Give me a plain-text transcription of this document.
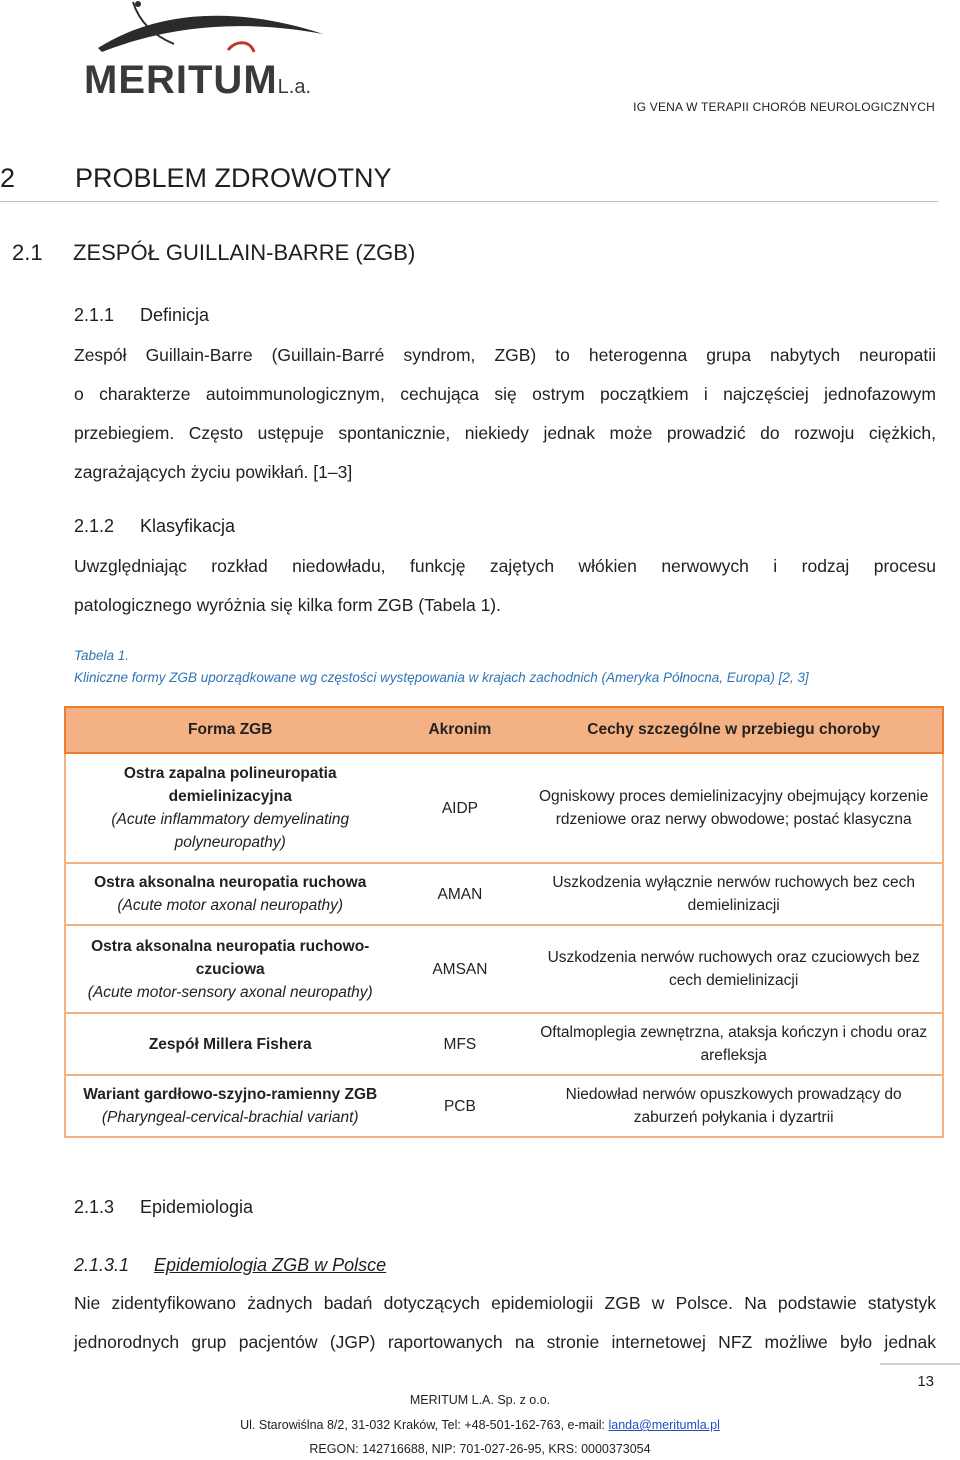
MERITUML.a.
IG VENA W TERAPII CHORÓB NEUROLOGICZNYCH
2 PROBLEM ZDROWOTNY
2.1 ZESPÓŁ GUILLAIN-BARRE (ZGB)
2.1.1 Definicja
Zespół Guillain-Barre (Guillain-Barré syndrom, ZGB) to heterogenna grupa nabytych neuropatii
o charakterze autoimmunologicznym, cechująca się ostrym początkiem i najczęściej jednofazowym
przebiegiem. Często ustępuje spontanicznie, niekiedy jednak może prowadzić do rozwoju ciężkich,
zagrażających życiu powikłań. [1–3]
2.1.2 Klasyfikacja
Uwzględniając rozkład niedowładu, funkcję zajętych włókien nerwowych i rodzaj procesu
patologicznego wyróżnia się kilka form ZGB (Tabela 1).
Tabela 1.
Kliniczne formy ZGB uporządkowane wg częstości występowania w krajach zachodnich (Ameryka Północna, Europa) [2, 3]
Forma ZGB	Akronim	Cechy szczególne w przebiegu choroby
Ostra zapalna polineuropatia demielinizacyjna
(Acute inflammatory demyelinating polyneuropathy)	AIDP	Ogniskowy proces demielinizacyjny obejmujący korzenie rdzeniowe oraz nerwy obwodowe; postać klasyczna
Ostra aksonalna neuropatia ruchowa
(Acute motor axonal neuropathy)	AMAN	Uszkodzenia wyłącznie nerwów ruchowych bez cech demielinizacji
Ostra aksonalna neuropatia ruchowo-czuciowa
(Acute motor-sensory axonal neuropathy)	AMSAN	Uszkodzenia nerwów ruchowych oraz czuciowych bez cech demielinizacji
Zespół Millera Fishera	MFS	Oftalmoplegia zewnętrzna, ataksja kończyn i chodu oraz arefleksja
Wariant gardłowo-szyjno-ramienny ZGB
(Pharyngeal-cervical-brachial variant)	PCB	Niedowład nerwów opuszkowych prowadzący do zaburzeń połykania i dyzartrii
2.1.3 Epidemiologia
2.1.3.1 Epidemiologia ZGB w Polsce
Nie zidentyfikowano żadnych badań dotyczących epidemiologii ZGB w Polsce. Na podstawie statystyk
jednorodnych grup pacjentów (JGP) raportowanych na stronie internetowej NFZ możliwe było jednak
13
MERITUM L.A. Sp. z o.o.
Ul. Starowiślna 8/2, 31-032 Kraków, Tel: +48-501-162-763, e-mail: landa@meritumla.pl
REGON: 142716688, NIP: 701-027-26-95, KRS: 0000373054
